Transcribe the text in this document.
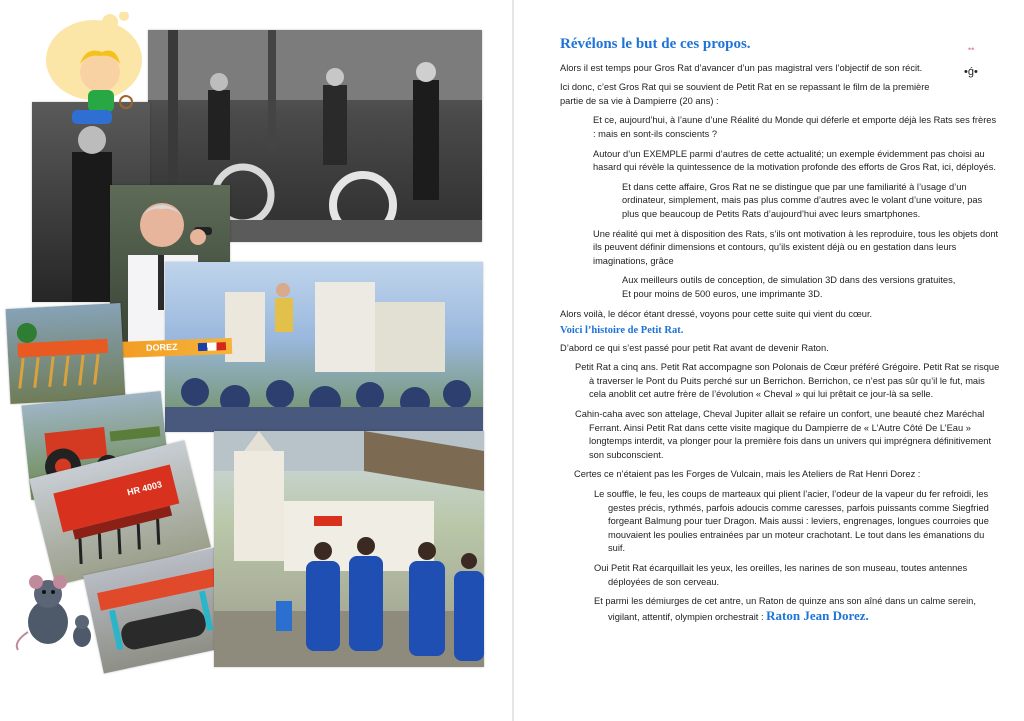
DOREZ
HR 4003

Révélons le but de ces propos.

Alors il est temps pour Gros Rat d’avancer d’un pas magistral vers l’objectif de son récit.

Ici donc, c’est Gros Rat qui se souvient de Petit Rat en se repassant le film de la première partie de sa vie à Dampierre (20 ans) :

Et ce, aujourd’hui, à l’aune d’une Réalité du Monde qui déferle et emporte déjà les Rats ses frères : mais en sont-ils conscients ?

Autour d’un EXEMPLE parmi d’autres de cette actualité; un exemple évidemment pas choisi au hasard qui révèle la quintessence de la motivation profonde des efforts de Gros Rat, ici, déployés.

Et dans cette affaire, Gros Rat ne se distingue que par une familiarité à l’usage d’un ordinateur, simplement, mais pas plus comme d’autres avec le volant d’une voiture, pas plus que beaucoup de Petits Rats d’aujourd’hui avec leurs smartphones.

Une réalité qui met à disposition des Rats, s’ils ont motivation à les reproduire, tous les objets dont ils peuvent définir dimensions et contours, qu’ils existent déjà ou en gestation dans leurs imaginations, grâce

Aux meilleurs outils de conception, de simulation 3D dans des versions gratuites,

Et pour moins de 500 euros, une imprimante 3D.

Alors voilà, le décor étant dressé, voyons pour cette suite qui vient du cœur.

Voici l’histoire de Petit Rat.

D’abord ce qui s’est passé pour petit Rat avant de devenir Raton.

Petit Rat a cinq ans. Petit Rat accompagne son Polonais de Cœur préféré Grégoire. Petit Rat se risque à traverser le Pont du Puits perché sur un Berrichon. Berrichon, ce n’est pas sûr qu’il le fut, mais cela anoblit cet autre frère de l’évolution « Cheval » qui lui prêtait ce jour-là sa selle.

Cahin-caha avec son attelage, Cheval Jupiter allait se refaire un confort, une beauté chez Maréchal Ferrant. Ainsi Petit Rat dans cette visite magique du Dampierre de « L’Autre Côté De L’Eau » longtemps interdit, va plonger pour la première fois dans un univers qui imprégnera définitivement son subconscient.

Certes ce n’étaient pas les Forges de Vulcain, mais les Ateliers de Rat Henri Dorez :

Le souffle, le feu, les coups de marteaux qui plient l’acier, l’odeur de la vapeur du fer refroidi, les gestes précis, rythmés, parfois adoucis comme caresses, parfois puissants comme Siegfried forgeant Balmung pour tuer Dragon. Mais aussi : leviers, engrenages, longues courroies que mouvaient les poulies entrainées par un moteur crachotant. Le tout dans les émanations du suif.

Oui Petit Rat écarquillait les yeux, les oreilles, les narines de son museau, toutes antennes déployées de son cerveau.

Et parmi les démiurges de cet antre, un Raton de quinze ans son aîné dans un calme serein, vigilant, attentif, olympien orchestrait : Raton Jean Dorez.

••
•ǵ•
